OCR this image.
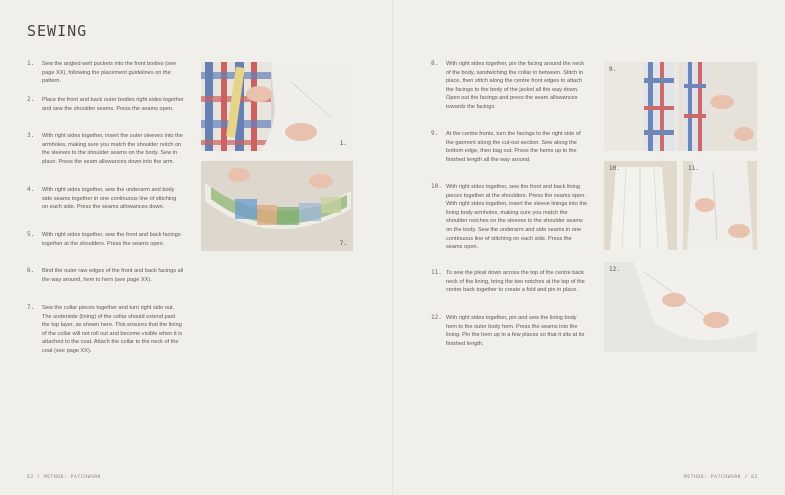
SEWING
1. Sew the angled welt pockets into the front bodies (see page XX), following the placement guidelines on the pattern.
2. Place the front and back outer bodies right sides together and sew the shoulder seams. Press the seams open.
3. With right sides together, insert the outer sleeves into the armholes, making sure you match the shoulder notch on the sleeves to the shoulder seams on the body. Sew in place. Press the seam allowances down into the arm.
4. With right sides together, sew the underarm and body side seams together in one continuous line of stitching on each side. Press the seams allowances down.
5. With right sides together, sew the front and back facings together at the shoulders. Press the seams open.
6. Bind the outer raw edges of the front and back facings all the way around, hem to hem (see page XX).
7. Sew the collar pieces together and turn right side out. The underside (lining) of the collar should extend past the top layer, as shown here. This ensures that the lining of the collar will not roll out and become visible when it is attached to the coat. Attach the collar to the neck of the coat (see page XX).
1.
7.
62 / METHOD: PATCHWORK
8. With right sides together, pin the facing around the neck of the body, sandwiching the collar in between. Stitch in place, then stitch along the centre front edges to attach the facings to the body of the jacket all the way down. Open out the facings and press the seam allowances towards the facings.
9. At the centre fronts, turn the facings to the right side of the garment along the cut-out section. Sew along the bottom edge, then bag out. Press the hems up to the finished length all the way around.
10. With right sides together, sew the front and back lining pieces together at the shoulders. Press the seams open. With right sides together, insert the sleeve linings into the lining body armholes, making sure you match the shoulder notches on the sleeves to the shoulder seams on the body. Sew the underarm and side seams in one continuous line of stitching on each side. Press the seams open.
11. To sew the pleat down across the top of the centre back neck of the lining, bring the two notches at the top of the centre back together to create a fold and pin in place.
12. With right sides together, pin and sew the lining body hem to the outer body hem. Press the seams into the lining. Pin the hem up in a few places so that it sits at its finished length.
9.
10.	11.
12.
METHOD: PATCHWORK / 63
